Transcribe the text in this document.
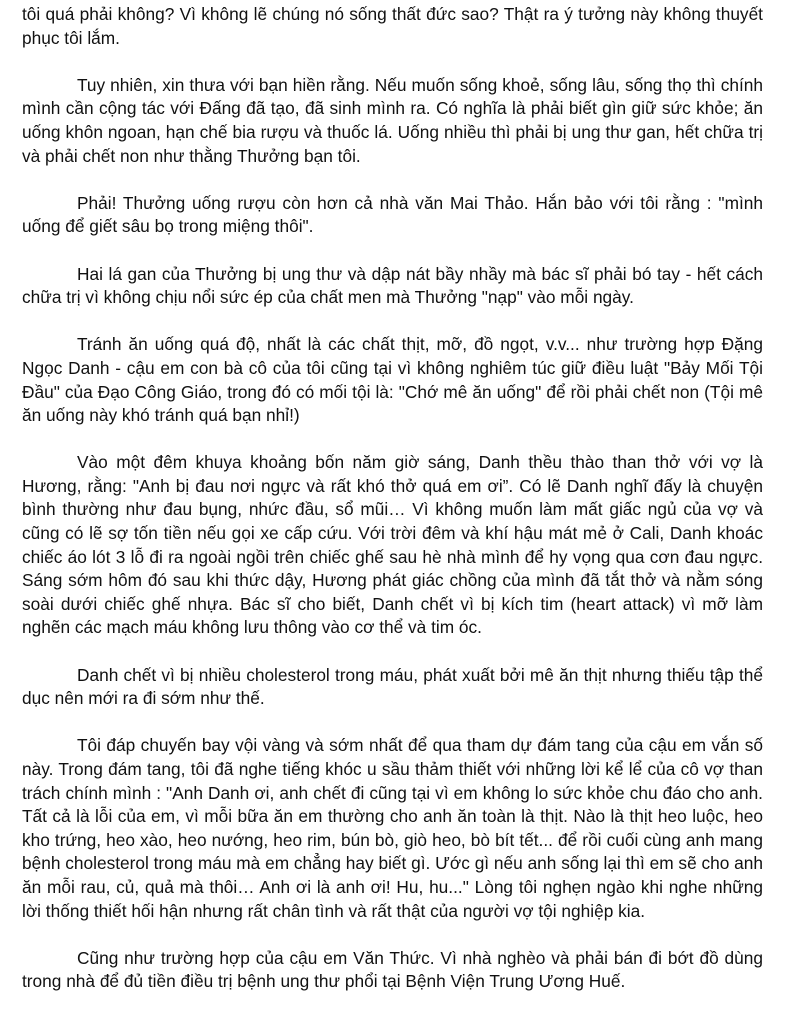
tôi quá phải không? Vì không lẽ chúng nó sống thất đức sao? Thật ra ý tưởng này không thuyết phục tôi lắm.

Tuy nhiên, xin thưa với bạn hiền rằng. Nếu muốn sống khoẻ, sống lâu, sống thọ thì chính mình cần cộng tác với Đấng đã tạo, đã sinh mình ra. Có nghĩa là phải biết gìn giữ sức khỏe; ăn uống khôn ngoan, hạn chế bia rượu và thuốc lá. Uống nhiều thì phải bị ung thư gan, hết chữa trị và phải chết non như thằng Thưởng bạn tôi.

Phải! Thưởng uống rượu còn hơn cả nhà văn Mai Thảo. Hắn bảo với tôi rằng : "mình uống để giết sâu bọ trong miệng thôi".

Hai lá gan của Thưởng bị ung thư và dập nát bầy nhầy mà bác sĩ phải bó tay - hết cách chữa trị vì không chịu nổi sức ép của chất men mà Thưởng "nạp" vào mỗi ngày.

Tránh ăn uống quá độ, nhất là các chất thịt, mỡ, đồ ngọt, v.v... như trường hợp Đặng Ngọc Danh - cậu em con bà cô của tôi cũng tại vì không nghiêm túc giữ điều luật "Bảy Mối Tội Đầu" của Đạo Công Giáo, trong đó có mối tội là: "Chớ mê ăn uống" để rồi phải chết non (Tội mê ăn uống này khó tránh quá bạn nhỉ!)

Vào một đêm khuya khoảng bốn năm giờ sáng, Danh thều thào than thở với vợ là Hương, rằng: "Anh bị đau nơi ngực và rất khó thở quá em ơi”. Có lẽ Danh nghĩ đấy là chuyện bình thường như đau bụng, nhức đầu, sổ mũi… Vì không muốn làm mất giấc ngủ của vợ và cũng có lẽ sợ tốn tiền nếu gọi xe cấp cứu. Với trời đêm và khí hậu mát mẻ ở Cali, Danh khoác chiếc áo lót 3 lỗ đi ra ngoài ngồi trên chiếc ghế sau hè nhà mình để hy vọng qua cơn đau ngực. Sáng sớm hôm đó sau khi thức dậy, Hương phát giác chồng của mình đã tắt thở và nằm sóng soài dưới chiếc ghế nhựa. Bác sĩ cho biết, Danh chết vì bị kích tim (heart attack) vì mỡ làm nghẽn các mạch máu không lưu thông vào cơ thể và tim óc.

Danh chết vì bị nhiều cholesterol trong máu, phát xuất bởi mê ăn thịt nhưng thiếu tập thể dục nên mới ra đi sớm như thế.

Tôi đáp chuyến bay vội vàng và sớm nhất để qua tham dự đám tang của cậu em vắn số này. Trong đám tang, tôi đã nghe tiếng khóc u sầu thảm thiết với những lời kể lể của cô vợ than trách chính mình : "Anh Danh ơi, anh chết đi cũng tại vì em không lo sức khỏe chu đáo cho anh. Tất cả là lỗi của em, vì mỗi bữa ăn em thường cho anh ăn toàn là thịt. Nào là thịt heo luộc, heo kho trứng, heo xào, heo nướng, heo rim, bún bò, giò heo, bò bít tết... để rồi cuối cùng anh mang bệnh cholesterol trong máu mà em chẳng hay biết gì. Ước gì nếu anh sống lại thì em sẽ cho anh ăn mỗi rau, củ, quả mà thôi… Anh ơi là anh ơi! Hu, hu..." Lòng tôi nghẹn ngào khi nghe những lời thống thiết hối hận nhưng rất chân tình và rất thật của người vợ tội nghiệp kia.

Cũng như trường hợp của cậu em Văn Thức. Vì nhà nghèo và phải bán đi bớt đồ dùng trong nhà để đủ tiền điều trị bệnh ung thư phổi tại Bệnh Viện Trung Ương Huế.
